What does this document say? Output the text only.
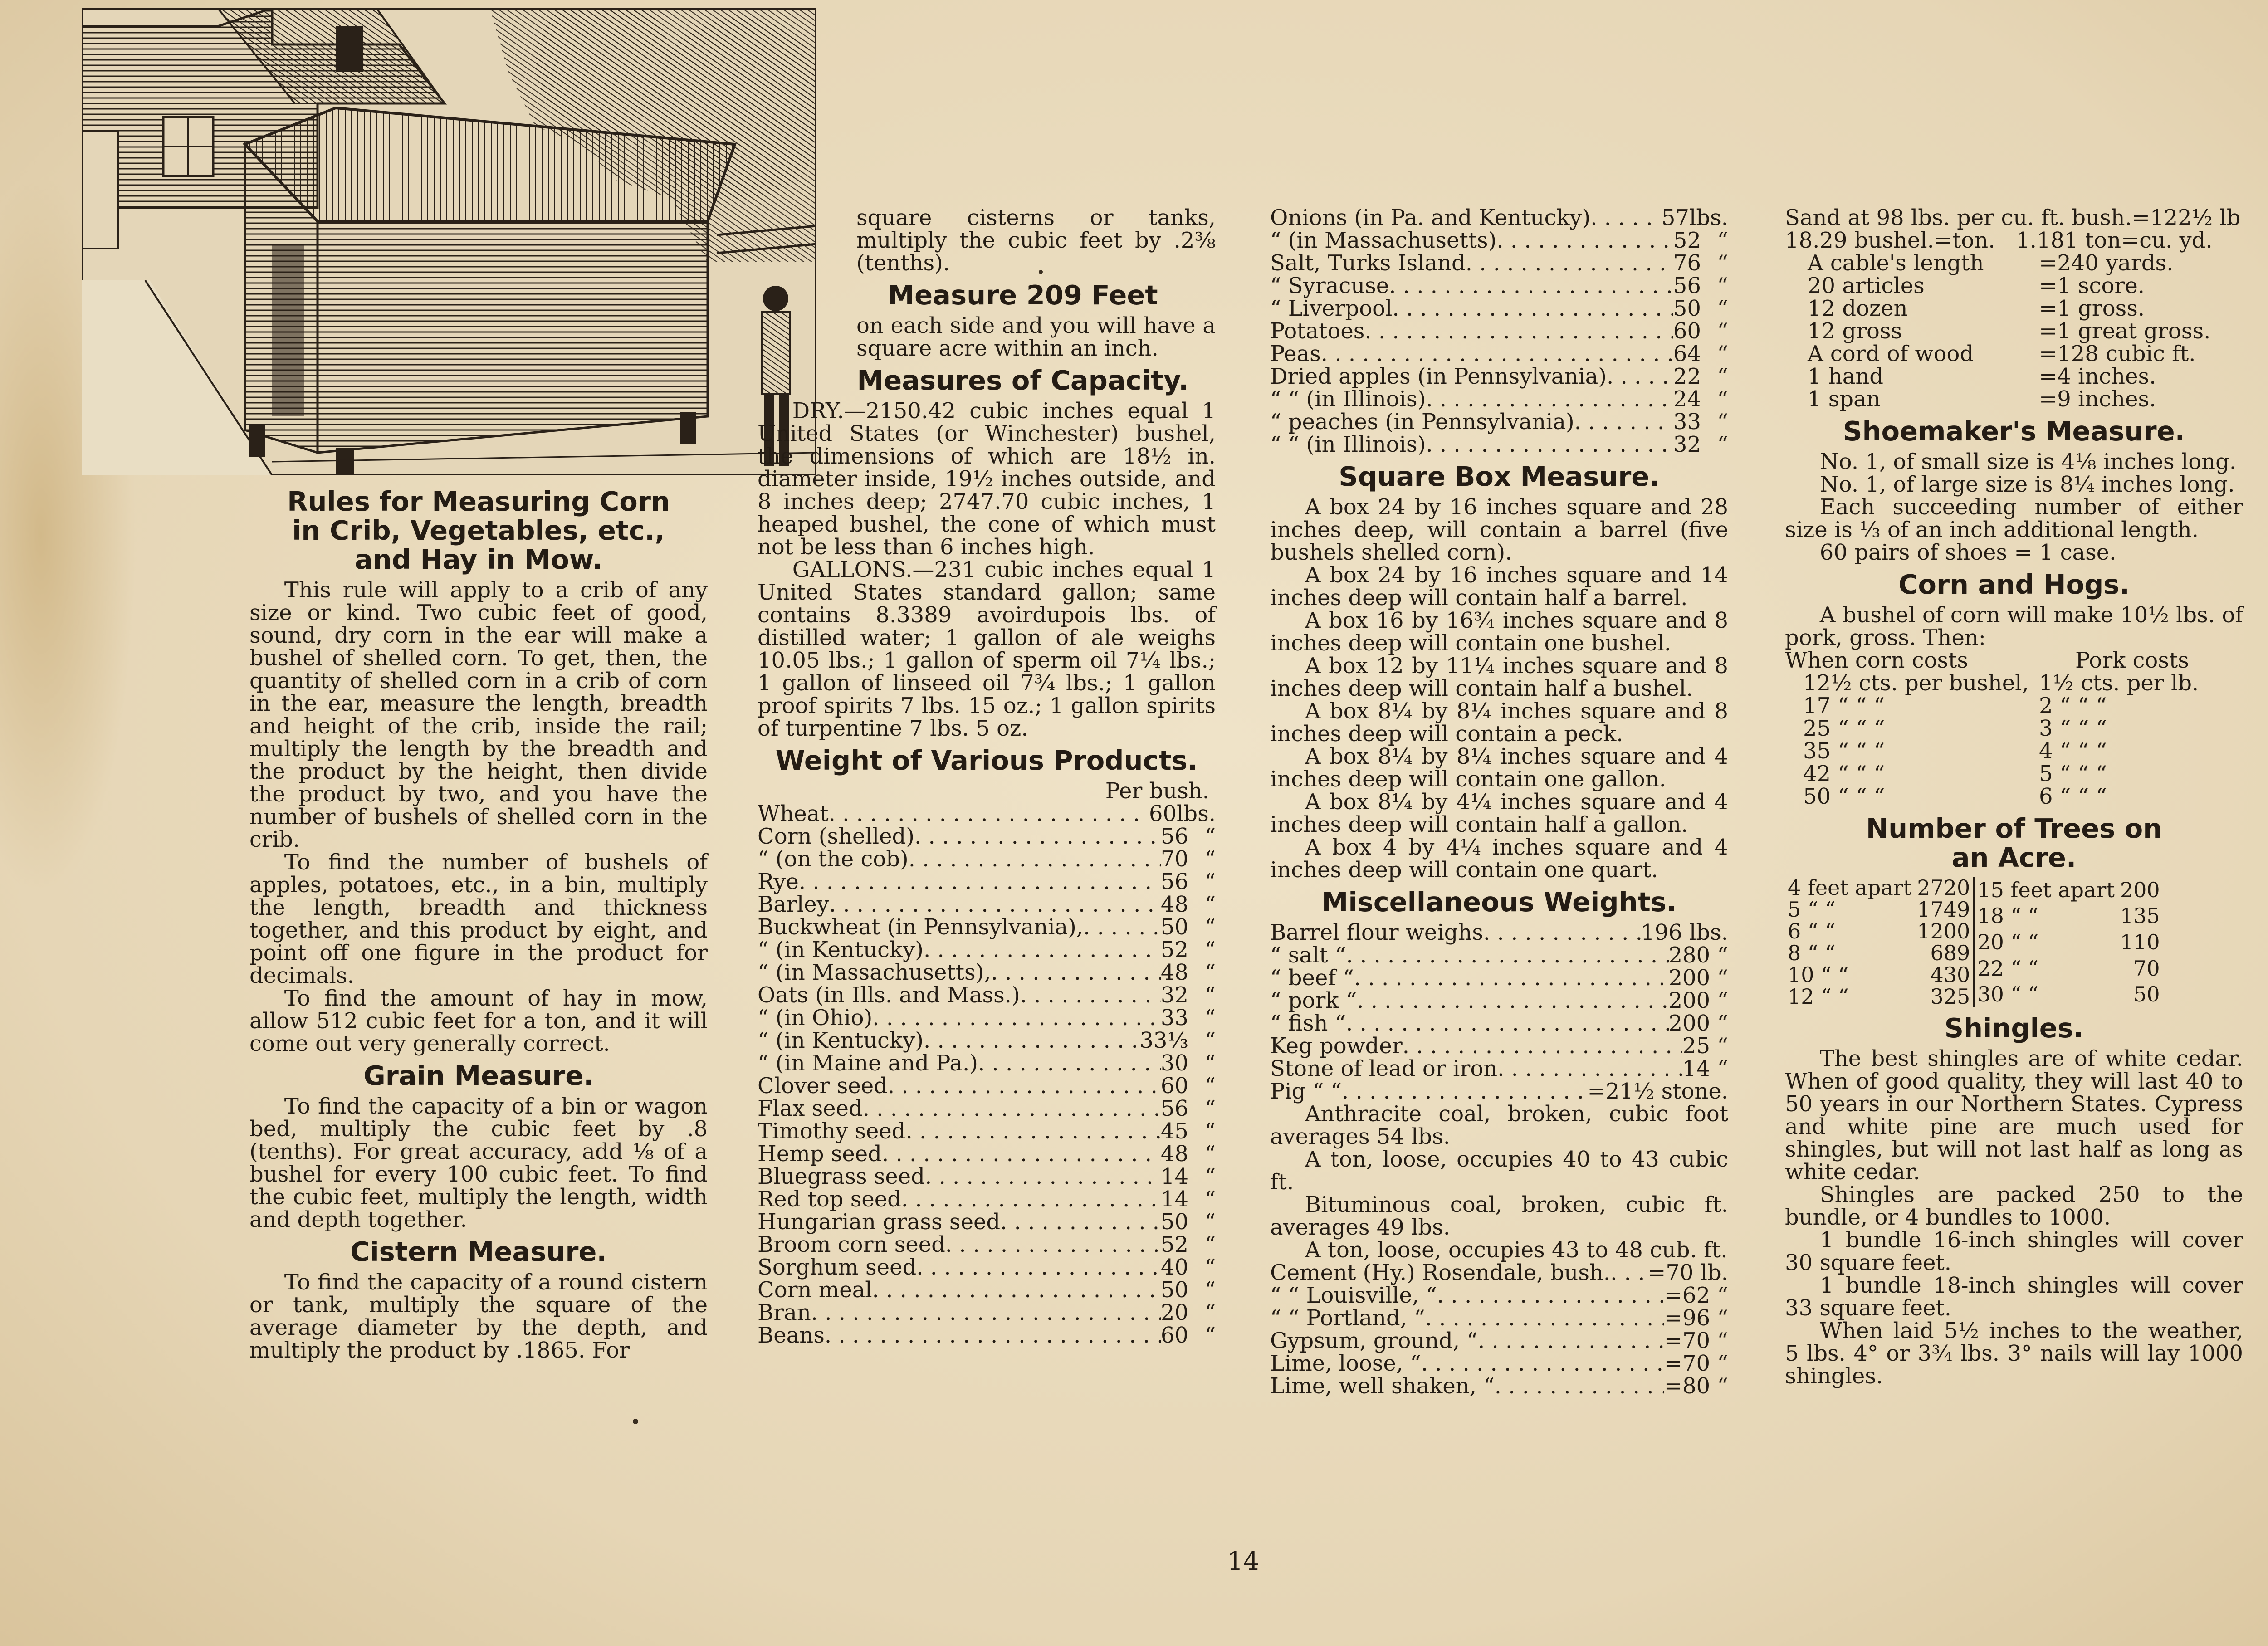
Rules for Measuring Corn in Crib, Vegetables, etc., and Hay in Mow.

This rule will apply to a crib of any size or kind. Two cubic feet of good, sound, dry corn in the ear will make a bushel of shelled corn. To get, then, the quantity of shelled corn in a crib of corn in the ear, measure the length, breadth and height of the crib, inside the rail; multiply the length by the breadth and the product by the height, then divide the product by two, and you have the number of bushels of shelled corn in the crib.

To find the number of bushels of apples, potatoes, etc., in a bin, multiply the length, breadth and thickness together, and this product by eight, and point off one figure in the product for decimals.

To find the amount of hay in mow, allow 512 cubic feet for a ton, and it will come out very generally correct.

Grain Measure.

To find the capacity of a bin or wagon bed, multiply the cubic feet by .8 (tenths). For great accuracy, add ⅛ of a bushel for every 100 cubic feet. To find the cubic feet, multiply the length, width and depth together.

Cistern Measure.

To find the capacity of a round cistern or tank, multiply the square of the average diameter by the depth, and multiply the product by .1865. For

square cisterns or tanks, multiply the cubic feet by .2⅜ (tenths).

Measure 209 Feet

on each side and you will have a square acre within an inch.

Measures of Capacity.

DRY.—2150.42 cubic inches equal 1 United States (or Winchester) bushel, the dimensions of which are 18½ in. diameter inside, 19½ inches outside, and 8 inches deep; 2747.70 cubic inches, 1 heaped bushel, the cone of which must not be less than 6 inches high.

GALLONS.—231 cubic inches equal 1 United States standard gallon; same contains 8.3389 avoirdupois lbs. of distilled water; 1 gallon of ale weighs 10.05 lbs.; 1 gallon of sperm oil 7¼ lbs.; 1 gallon of linseed oil 7¾ lbs.; 1 gallon proof spirits 7 lbs. 15 oz.; 1 gallon spirits of turpentine 7 lbs. 5 oz.

Weight of Various Products.
Per bush.
Wheat . . .	60 lbs.
Corn (shelled) . . .	56 “
“ (on the cob) . . .	70 “
Rye . . .	56 “
Barley . . .	48 “
Buckwheat (in Pennsylvania), . . .	50 “
“ (in Kentucky) . . .	52 “
“ (in Massachusetts), . . .	48 “
Oats (in Ills. and Mass.) . . .	32 “
“ (in Ohio) . . .	33 “
“ (in Kentucky) . . .	33⅓ “
“ (in Maine and Pa.) . . .	30 “
Clover seed . . .	60 “
Flax seed . . .	56 “
Timothy seed . . .	45 “
Hemp seed . . .	48 “
Bluegrass seed . . .	14 “
Red top seed . . .	14 “
Hungarian grass seed . . .	50 “
Broom corn seed . . .	52 “
Sorghum seed . . .	40 “
Corn meal . . .	50 “
Bran . . .	20 “
Beans . . .	60 “
Onions (in Pa. and Kentucky) . . .	57 lbs.
“ (in Massachusetts) . . .	52 “
Salt, Turks Island . . .	76 “
“ Syracuse . . .	56 “
“ Liverpool . . .	50 “
Potatoes . . .	60 “
Peas . . .	64 “
Dried apples (in Pennsylvania) . . .	22 “
“ “ (in Illinois) . . .	24 “
“ peaches (in Pennsylvania) . . .	33 “
“ “ (in Illinois) . . .	32 “
Square Box Measure.

A box 24 by 16 inches square and 28 inches deep, will contain a barrel (five bushels shelled corn).

A box 24 by 16 inches square and 14 inches deep will contain half a barrel.

A box 16 by 16¾ inches square and 8 inches deep will contain one bushel.

A box 12 by 11¼ inches square and 8 inches deep will contain half a bushel.

A box 8¼ by 8¼ inches square and 8 inches deep will contain a peck.

A box 8¼ by 8¼ inches square and 4 inches deep will contain one gallon.

A box 8¼ by 4¼ inches square and 4 inches deep will contain half a gallon.

A box 4 by 4¼ inches square and 4 inches deep will contain one quart.

Miscellaneous Weights.
Barrel flour weighs . . .	196 lbs.
“ salt “ . . .	280 “
“ beef “ . . .	200 “
“ pork “ . . .	200 “
“ fish “ . . .	200 “
Keg powder . . .	25 “
Stone of lead or iron . . .	14 “
Pig “ “ . . .	=21½ stone.

Anthracite coal, broken, cubic foot averages 54 lbs.

A ton, loose, occupies 40 to 43 cubic ft.

Bituminous coal, broken, cubic ft. averages 49 lbs.

A ton, loose, occupies 43 to 48 cub. ft.

Cement (Hy.) Rosendale, bush. . . . =70 lb.
“ “ Louisville, “ . . .	=62 “
“ “ Portland, “ . . .	=96 “
Gypsum, ground, “ . . .	=70 “
Lime, loose, “ . . .	=70 “
Lime, well shaken, “ . . .	=80 “
Sand at 98 lbs. per cu. ft. bush.=122½ lb
18.29 bushel.=ton.   1.181 ton=cu. yd.
A cable's length	=240 yards.
20 articles	=1 score.
12 dozen	=1 gross.
12 gross	=1 great gross.
A cord of wood	=128 cubic ft.
1 hand	=4 inches.
1 span	=9 inches.
Shoemaker's Measure.

No. 1, of small size is 4⅛ inches long.

No. 1, of large size is 8¼ inches long.

Each succeeding number of either size is ⅓ of an inch additional length.

60 pairs of shoes = 1 case.

Corn and Hogs.

A bushel of corn will make 10½ lbs. of pork, gross. Then:

When corn costs	Pork costs
12½ cts. per bushel, 1½ cts. per lb.
17 “ “ “	2 “ “ “
25 “ “ “	3 “ “ “
35 “ “ “	4 “ “ “
42 “ “ “	5 “ “ “
50 “ “ “	6 “ “ “
Number of Trees on an Acre.
4 feet apart	2720
5 “ “	1749
6 “ “	1200
8 “ “	689
10 “ “	430
12 “ “	325
15 feet apart	200
18 “ “	135
20 “ “	110
22 “ “	70
30 “ “	50
Shingles.

The best shingles are of white cedar. When of good quality, they will last 40 to 50 years in our Northern States. Cypress and white pine are much used for shingles, but will not last half as long as white cedar.

Shingles are packed 250 to the bundle, or 4 bundles to 1000.

1 bundle 16-inch shingles will cover 30 square feet.

1 bundle 18-inch shingles will cover 33 square feet.

When laid 5½ inches to the weather, 5 lbs. 4° or 3¾ lbs. 3° nails will lay 1000 shingles.

14
